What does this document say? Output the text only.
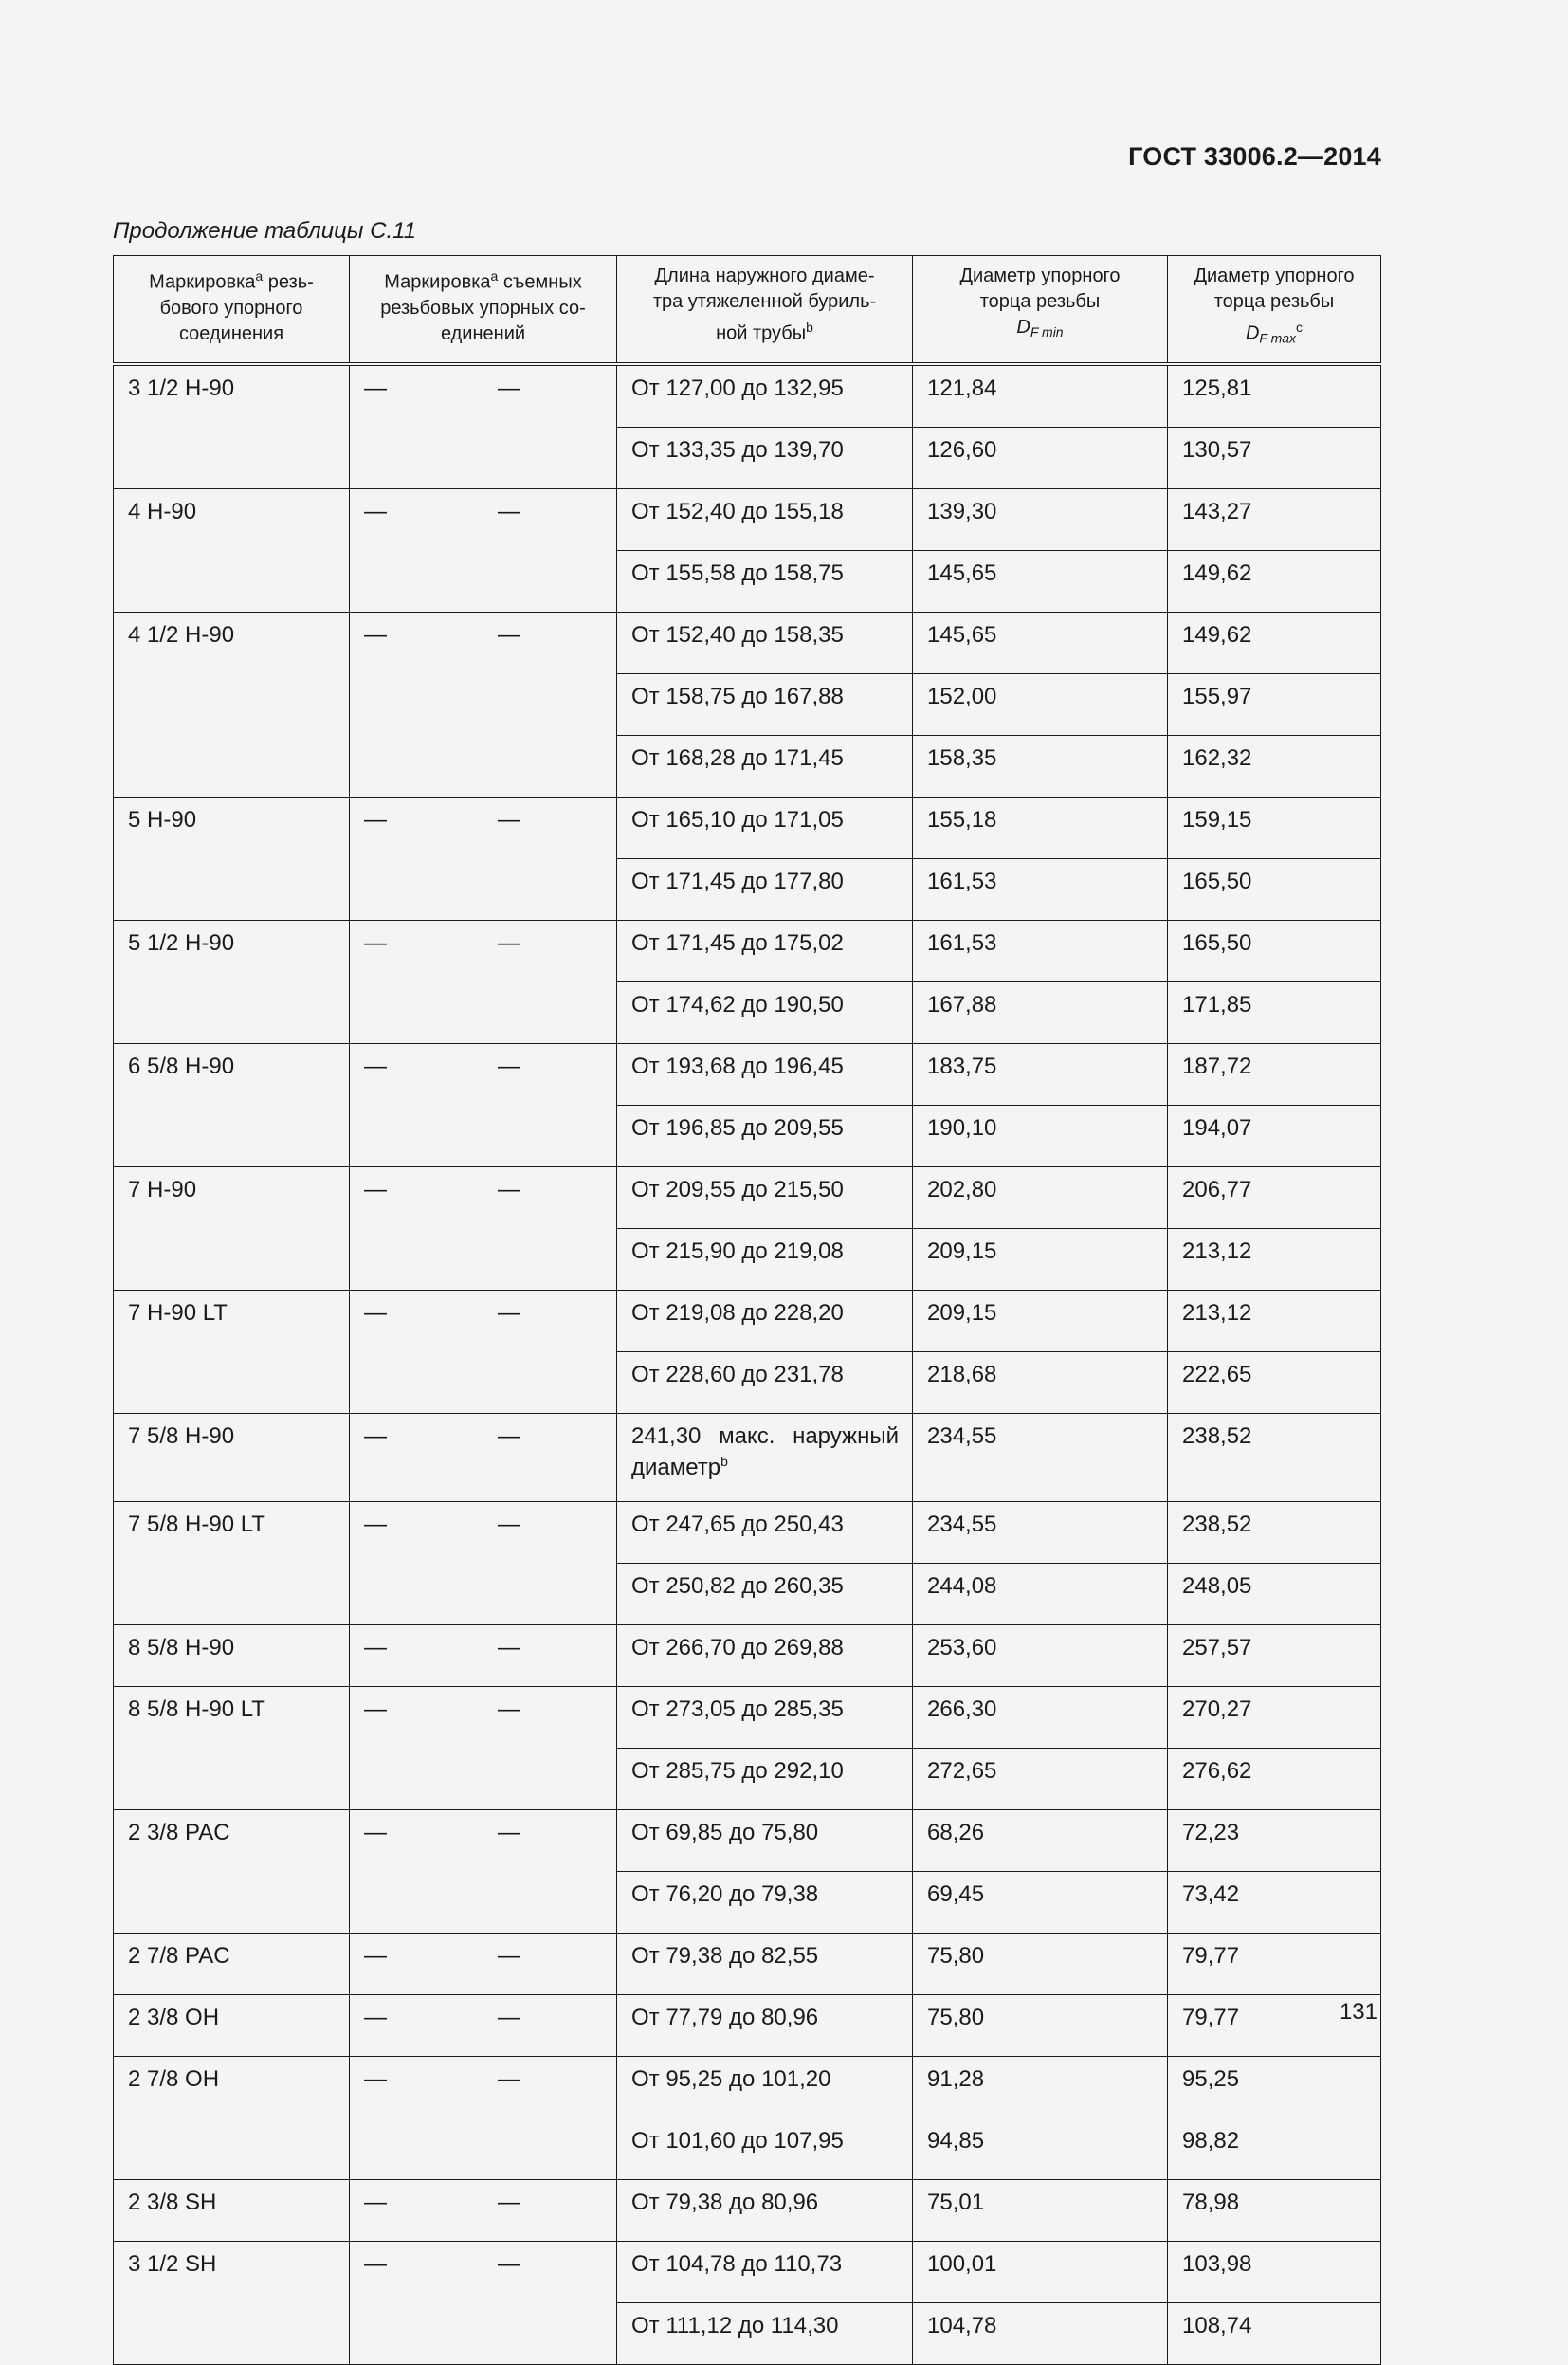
ГОСТ 33006.2—2014
Продолжение таблицы С.11
Маркировка$^a$ резь-
бового упорного
соединения	Маркировка$^a$ съемных
резьбовых упорных со-
единений		Длина наружного диаме-
тра утяжеленной буриль-
ной трубы$^b$	Диаметр упорного
торца резьбы
$D_{F min}$	Диаметр упорного
торца резьбы
$D_{F max}^c$
3 1/2 H-90	—	—	От 127,00 до 132,95	121,84	125,81
			От 133,35 до 139,70	126,60	130,57
4 H-90	—	—	От 152,40 до 155,18	139,30	143,27
			От 155,58 до 158,75	145,65	149,62
4 1/2 H-90	—	—	От 152,40 до 158,35	145,65	149,62
			От 158,75 до 167,88	152,00	155,97
			От 168,28 до 171,45	158,35	162,32
5 H-90	—	—	От 165,10 до 171,05	155,18	159,15
			От 171,45 до 177,80	161,53	165,50
5 1/2 H-90	—	—	От 171,45 до 175,02	161,53	165,50
			От 174,62 до 190,50	167,88	171,85
6 5/8 H-90	—	—	От 193,68 до 196,45	183,75	187,72
			От 196,85 до 209,55	190,10	194,07
7 H-90	—	—	От 209,55 до 215,50	202,80	206,77
			От 215,90 до 219,08	209,15	213,12
7 H-90 LT	—	—	От 219,08 до 228,20	209,15	213,12
			От 228,60 до 231,78	218,68	222,65
7 5/8 H-90	—	—	241,30 макс. наружный
диаметр$^b$	234,55	238,52
7 5/8 H-90 LT	—	—	От 247,65 до 250,43	234,55	238,52
			От 250,82 до 260,35	244,08	248,05
8 5/8 H-90	—	—	От 266,70 до 269,88	253,60	257,57
8 5/8 H-90 LT	—	—	От 273,05 до 285,35	266,30	270,27
			От 285,75 до 292,10	272,65	276,62
2 3/8 PAC	—	—	От 69,85 до 75,80	68,26	72,23
			От 76,20 до 79,38	69,45	73,42
2 7/8 PAC	—	—	От 79,38 до 82,55	75,80	79,77
2 3/8 OH	—	—	От 77,79 до 80,96	75,80	79,77
2 7/8 OH	—	—	От 95,25 до 101,20	91,28	95,25
			От 101,60 до 107,95	94,85	98,82
2 3/8 SH	—	—	От 79,38 до 80,96	75,01	78,98
3 1/2 SH	—	—	От 104,78 до 110,73	100,01	103,98
			От 111,12 до 114,30	104,78	108,74
131
